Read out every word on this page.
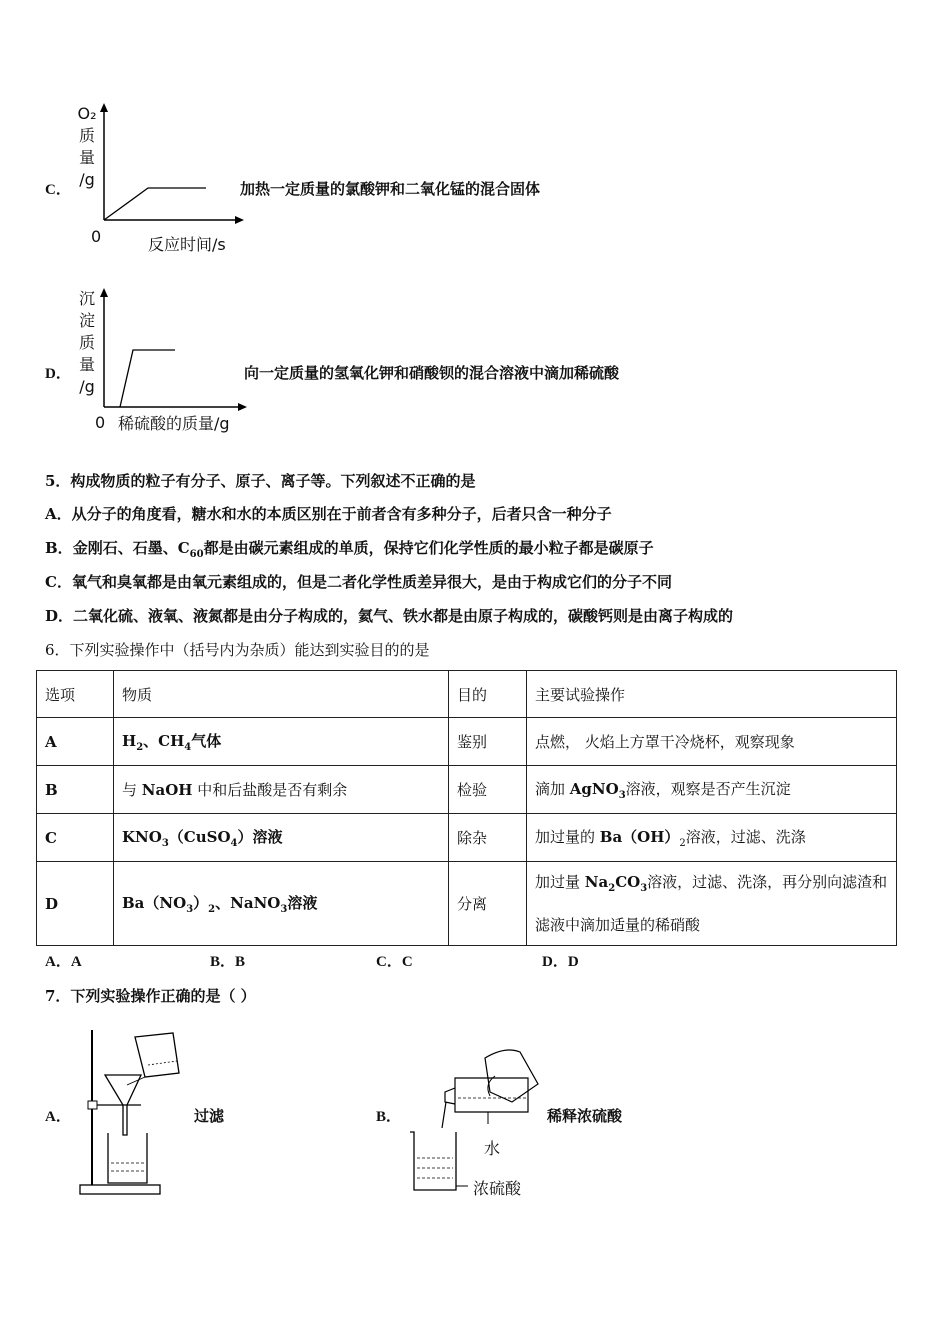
C．
O₂
质
量
/g
0	反应时间/s
加热一定质量的氯酸钾和二氧化锰的混合固体
D．
沉
淀
质
量
/g
0 稀硫酸的质量/g
向一定质量的氢氧化钾和硝酸钡的混合溶液中滴加稀硫酸
5．构成物质的粒子有分子、原子、离子等。下列叙述不正确的是
A．从分子的角度看，糖水和水的本质区别在于前者含有多种分子，后者只含一种分子
B．金刚石、石墨、$C_{60}$都是由碳元素组成的单质，保持它们化学性质的最小粒子都是碳原子
C．氧气和臭氧都是由氧元素组成的，但是二者化学性质差异很大，是由于构成它们的分子不同
D．二氧化硫、液氧、液氮都是由分子构成的，氦气、铁水都是由原子构成的，碳酸钙则是由离子构成的
6．下列实验操作中（括号内为杂质）能达到实验目的的是
选项	物质	目的	主要试验操作
A	$H_2$、$CH_4$气体	鉴别	点燃， 火焰上方罩干冷烧杯，观察现象
B	与 NaOH 中和后盐酸是否有剩余	检验	滴加 AgNO$_3$溶液，观察是否产生沉淀
C	$KNO_3(CuSO_4)$溶液	除杂	加过量的 $Ba(OH)_2$溶液，过滤、洗涤
D	$Ba(NO_3)_2$、NaNO$_3$溶液	分离	加过量 $Na_2CO_3$溶液，过滤、洗涤，再分别向滤渣和滤液中滴加适量的稀硝酸
A．A	B．B	C．C	D．D
7．下列实验操作正确的是（ ）
A．	过滤	B．
水
浓硫酸
稀释浓硫酸
